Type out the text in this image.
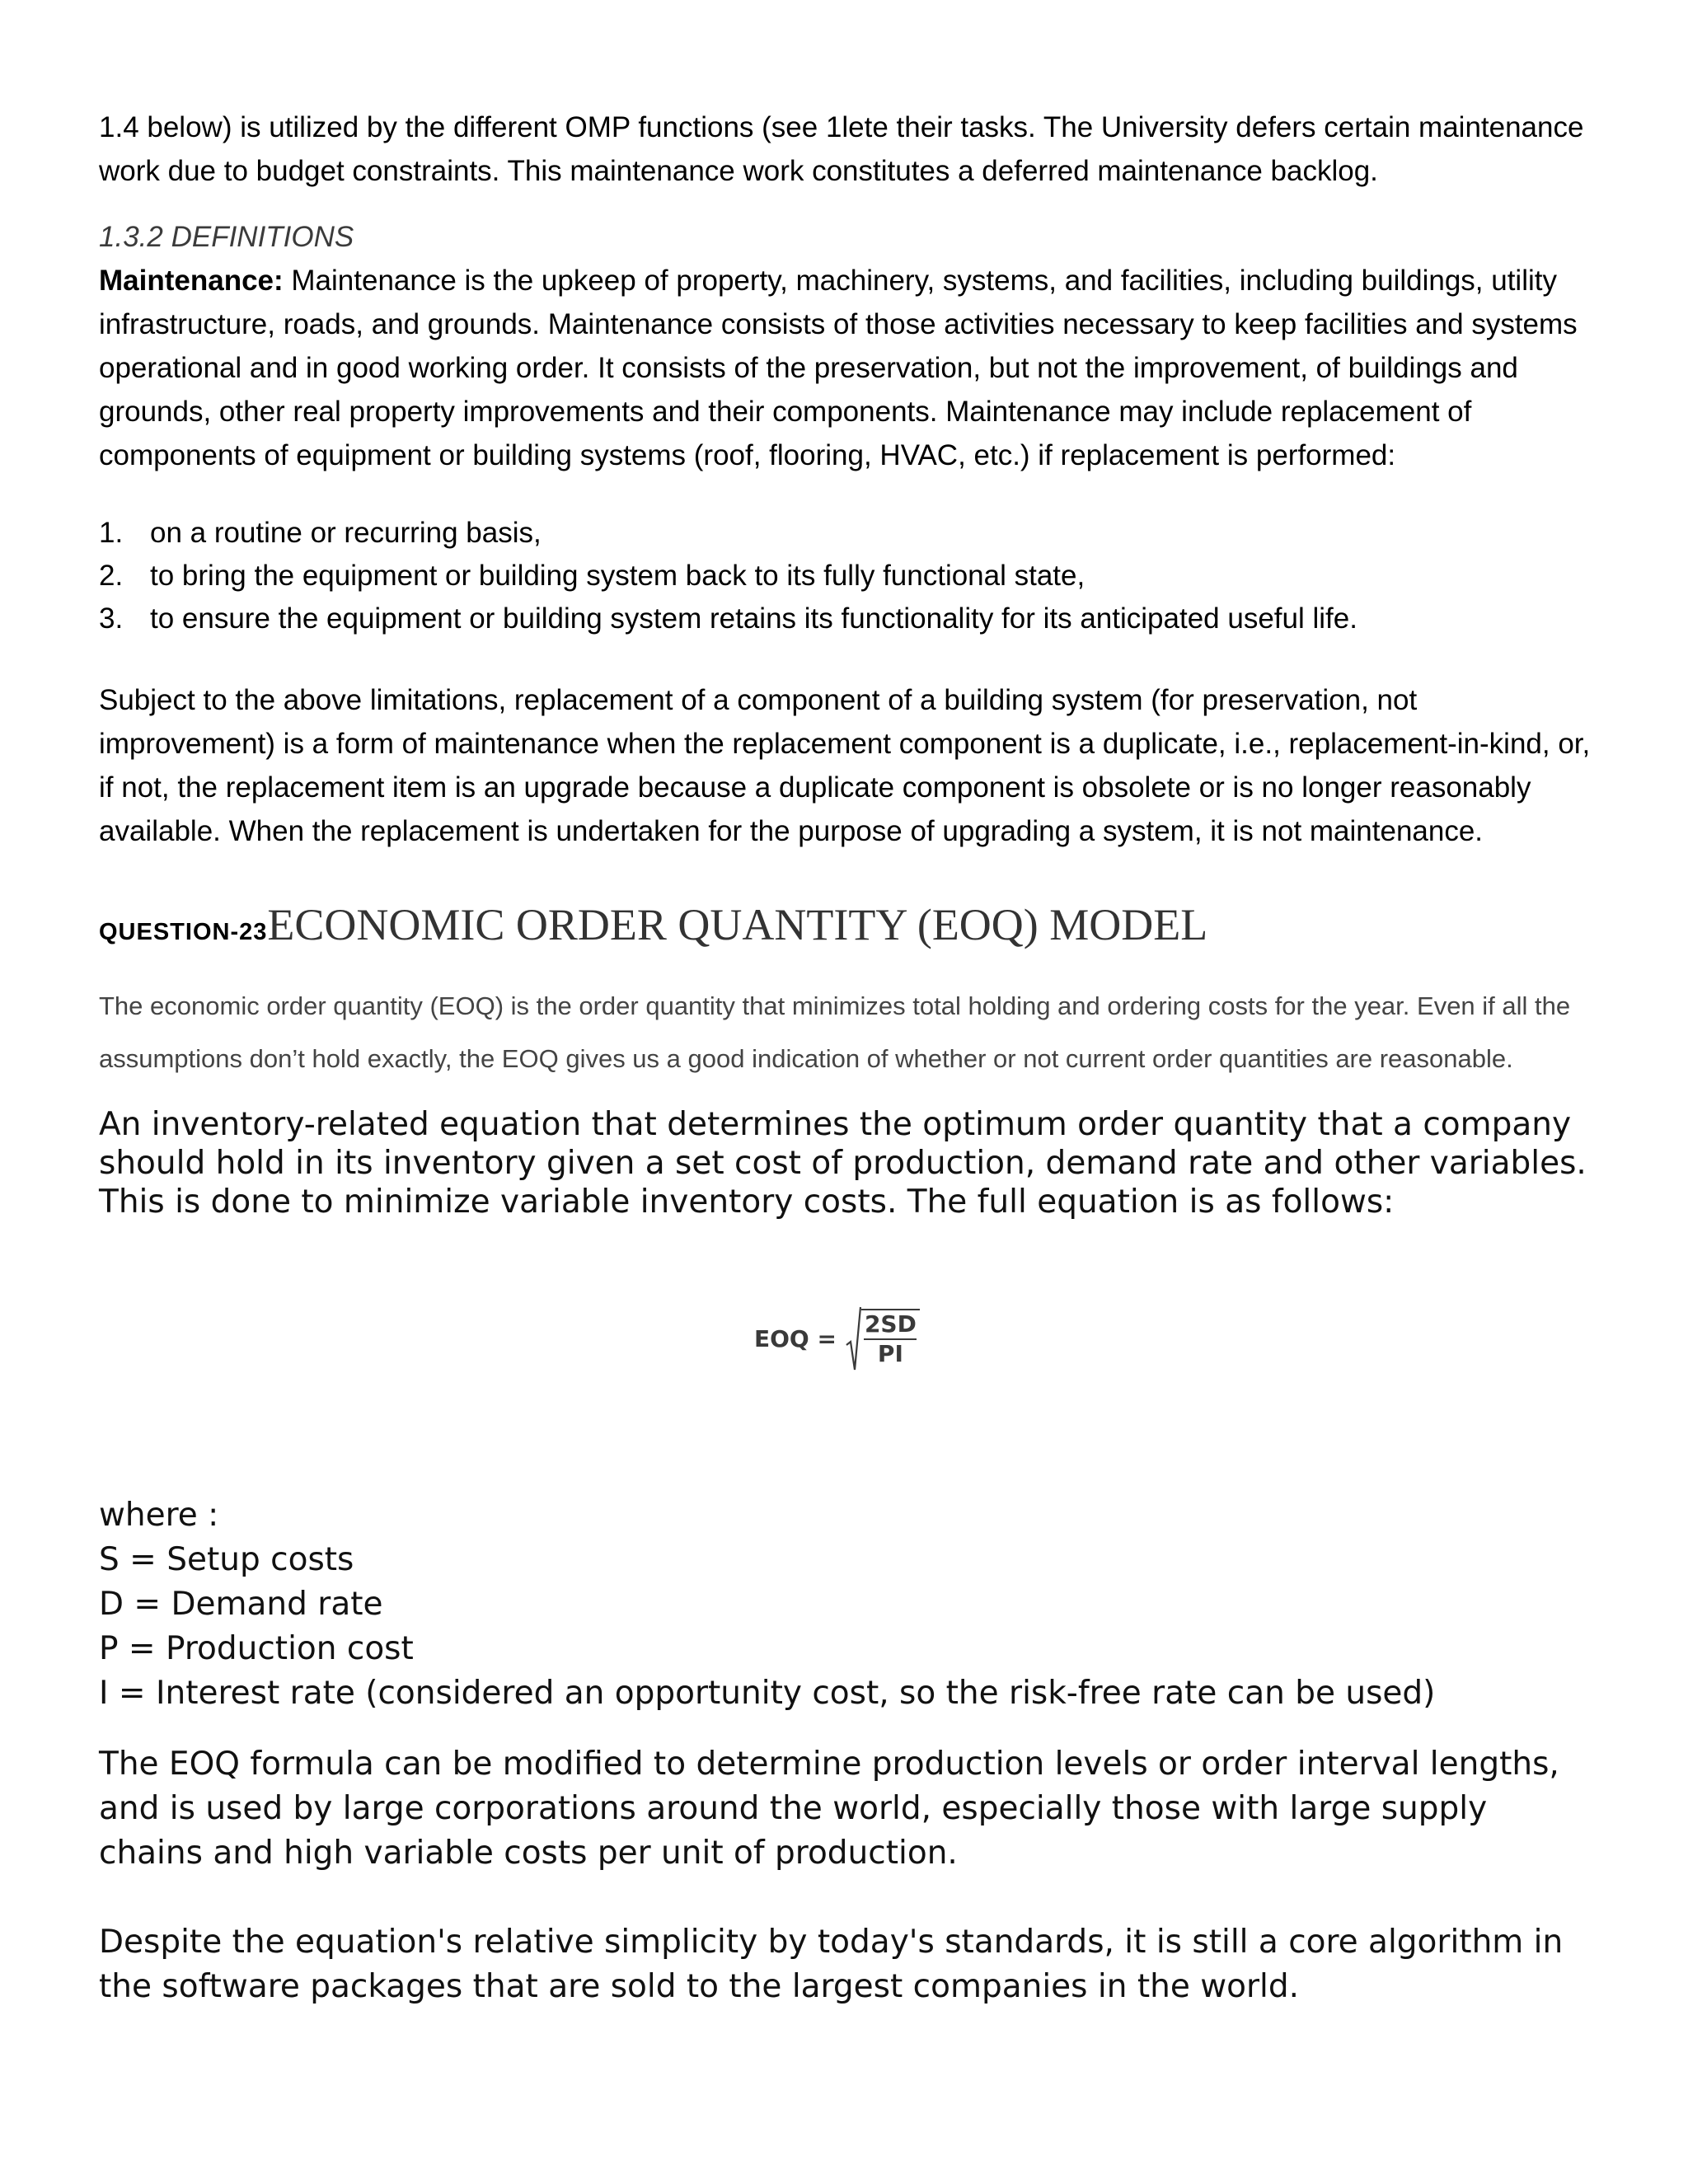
1.4 below) is utilized by the different OMP functions (see 1lete their tasks. The University defers certain maintenance work due to budget constraints. This maintenance work constitutes a deferred maintenance backlog.

1.3.2 DEFINITIONS

Maintenance: Maintenance is the upkeep of property, machinery, systems, and facilities, including buildings, utility infrastructure, roads, and grounds. Maintenance consists of those activities necessary to keep facilities and systems operational and in good working order. It consists of the preservation, but not the improvement, of buildings and grounds, other real property improvements and their components. Maintenance may include replacement of components of equipment or building systems (roof, flooring, HVAC, etc.) if replacement is performed:

1. on a routine or recurring basis,
2. to bring the equipment or building system back to its fully functional state,
3. to ensure the equipment or building system retains its functionality for its anticipated useful life.

Subject to the above limitations, replacement of a component of a building system (for preservation, not improvement) is a form of maintenance when the replacement component is a duplicate, i.e., replacement-in-kind, or, if not, the replacement item is an upgrade because a duplicate component is obsolete or is no longer reasonably available. When the replacement is undertaken for the purpose of upgrading a system, it is not maintenance.

QUESTION-23ECONOMIC ORDER QUANTITY (EOQ) MODEL

The economic order quantity (EOQ) is the order quantity that minimizes total holding and ordering costs for the year. Even if all the assumptions don’t hold exactly, the EOQ gives us a good indication of whether or not current order quantities are reasonable.

An inventory-related equation that determines the optimum order quantity that a company should hold in its inventory given a set cost of production, demand rate and other variables. This is done to minimize variable inventory costs. The full equation is as follows:

EOQ = $\frac{2SD}{PI}$
where :
S = Setup costs
D = Demand rate
P = Production cost
I = Interest rate (considered an opportunity cost, so the risk-free rate can be used)

The EOQ formula can be modified to determine production levels or order interval lengths, and is used by large corporations around the world, especially those with large supply chains and high variable costs per unit of production.

Despite the equation's relative simplicity by today's standards, it is still a core algorithm in the software packages that are sold to the largest companies in the world.
